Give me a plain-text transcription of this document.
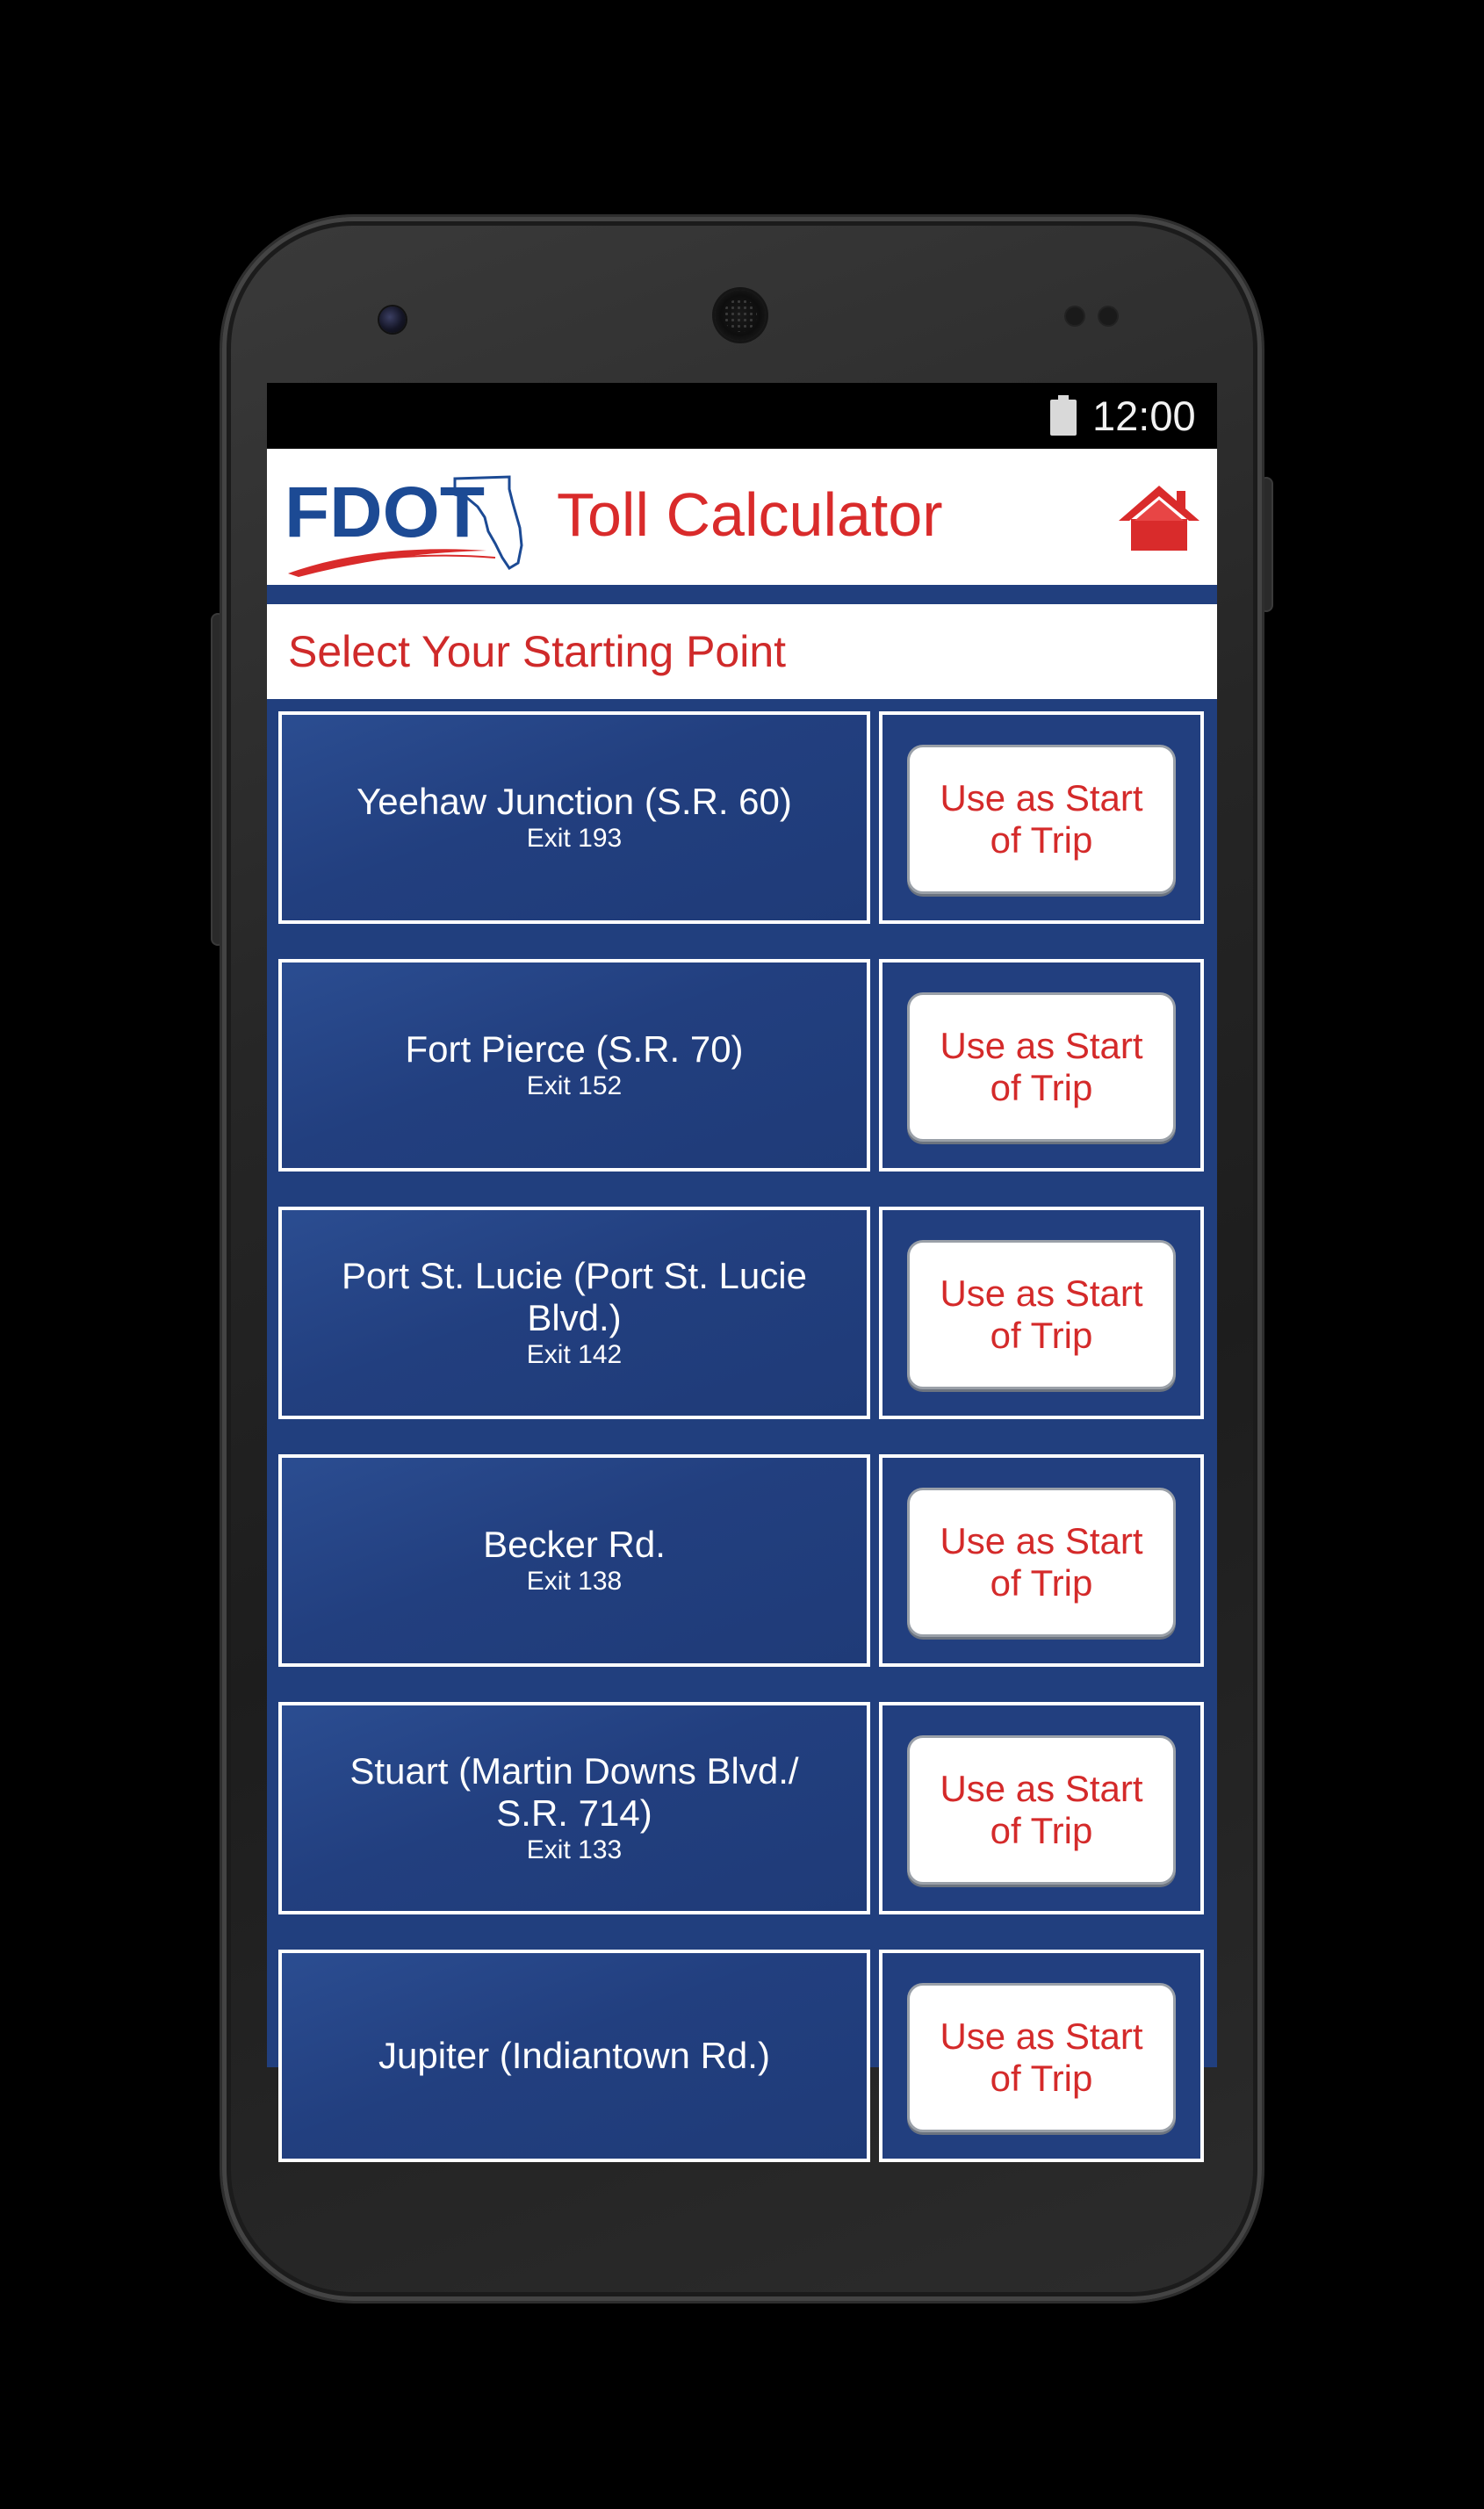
12:00
FDOT Toll Calculator
Select Your Starting Point
Yeehaw Junction (S.R. 60)
Exit 193
Use as Start of Trip
Fort Pierce (S.R. 70)
Exit 152
Use as Start of Trip
Port St. Lucie (Port St. Lucie Blvd.)
Exit 142
Use as Start of Trip
Becker Rd.
Exit 138
Use as Start of Trip
Stuart (Martin Downs Blvd./ S.R. 714)
Exit 133
Use as Start of Trip
Jupiter (Indiantown Rd.)	Use as Start of Trip
